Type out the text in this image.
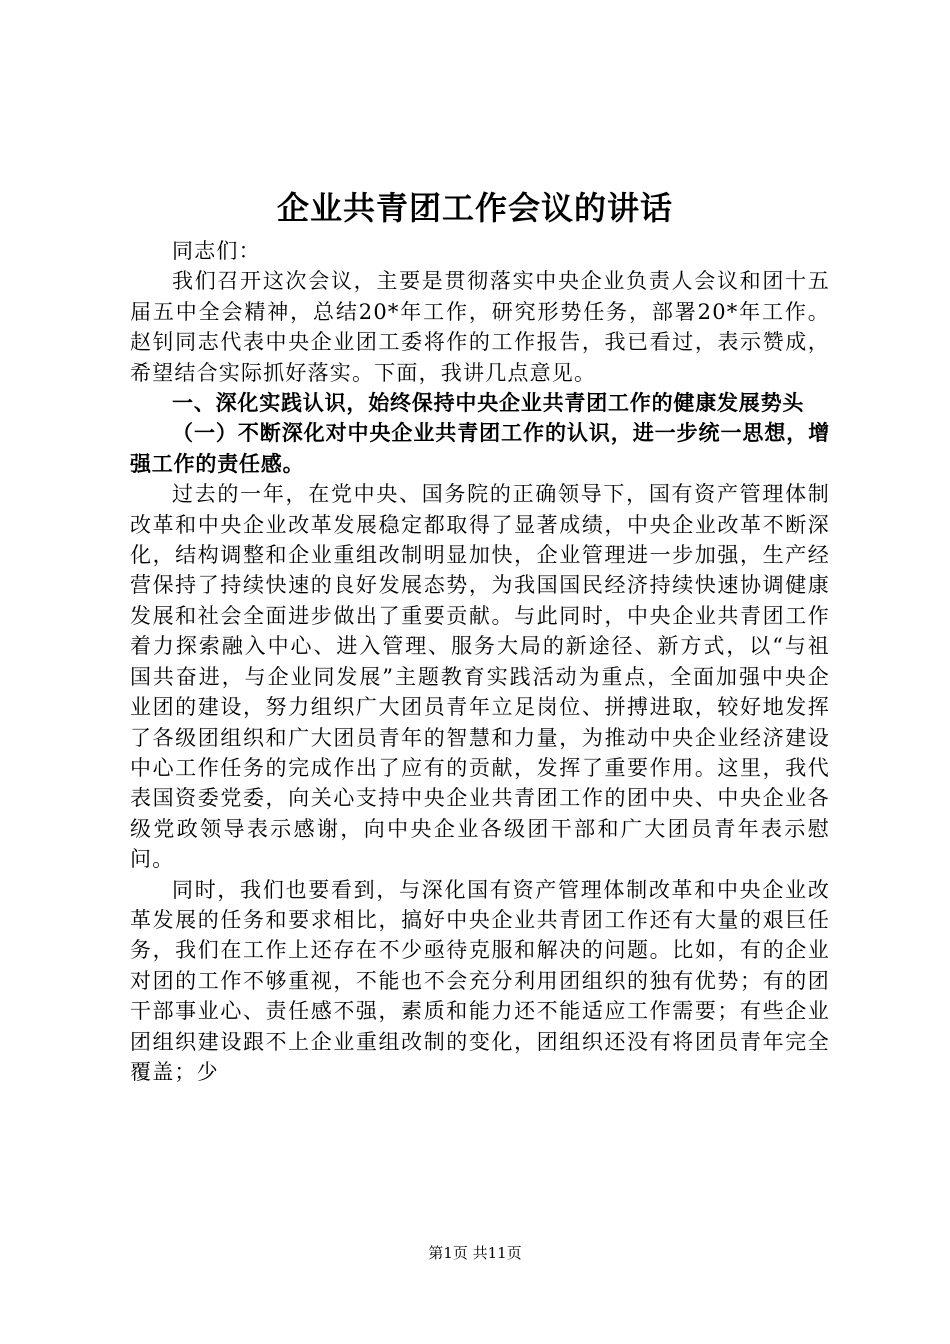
企业共青团工作会议的讲话

同志们：

我们召开这次会议，主要是贯彻落实中央企业负责人会议和团十五届五中全会精神，总结20*年工作，研究形势任务，部署20*年工作。赵钊同志代表中央企业团工委将作的工作报告，我已看过，表示赞成，希望结合实际抓好落实。下面，我讲几点意见。

一、深化实践认识，始终保持中央企业共青团工作的健康发展势头

（一）不断深化对中央企业共青团工作的认识，进一步统一思想，增强工作的责任感。

过去的一年，在党中央、国务院的正确领导下，国有资产管理体制改革和中央企业改革发展稳定都取得了显著成绩，中央企业改革不断深化，结构调整和企业重组改制明显加快，企业管理进一步加强，生产经营保持了持续快速的良好发展态势，为我国国民经济持续快速协调健康发展和社会全面进步做出了重要贡献。与此同时，中央企业共青团工作着力探索融入中心、进入管理、服务大局的新途径、新方式，以“与祖国共奋进，与企业同发展”主题教育实践活动为重点，全面加强中央企业团的建设，努力组织广大团员青年立足岗位、拼搏进取，较好地发挥了各级团组织和广大团员青年的智慧和力量，为推动中央企业经济建设中心工作任务的完成作出了应有的贡献，发挥了重要作用。这里，我代表国资委党委，向关心支持中央企业共青团工作的团中央、中央企业各级党政领导表示感谢，向中央企业各级团干部和广大团员青年表示慰问。

同时，我们也要看到，与深化国有资产管理体制改革和中央企业改革发展的任务和要求相比，搞好中央企业共青团工作还有大量的艰巨任务，我们在工作上还存在不少亟待克服和解决的问题。比如，有的企业对团的工作不够重视，不能也不会充分利用团组织的独有优势；有的团干部事业心、责任感不强，素质和能力还不能适应工作需要；有些企业团组织建设跟不上企业重组改制的变化，团组织还没有将团员青年完全覆盖；少

第1页 共11页
